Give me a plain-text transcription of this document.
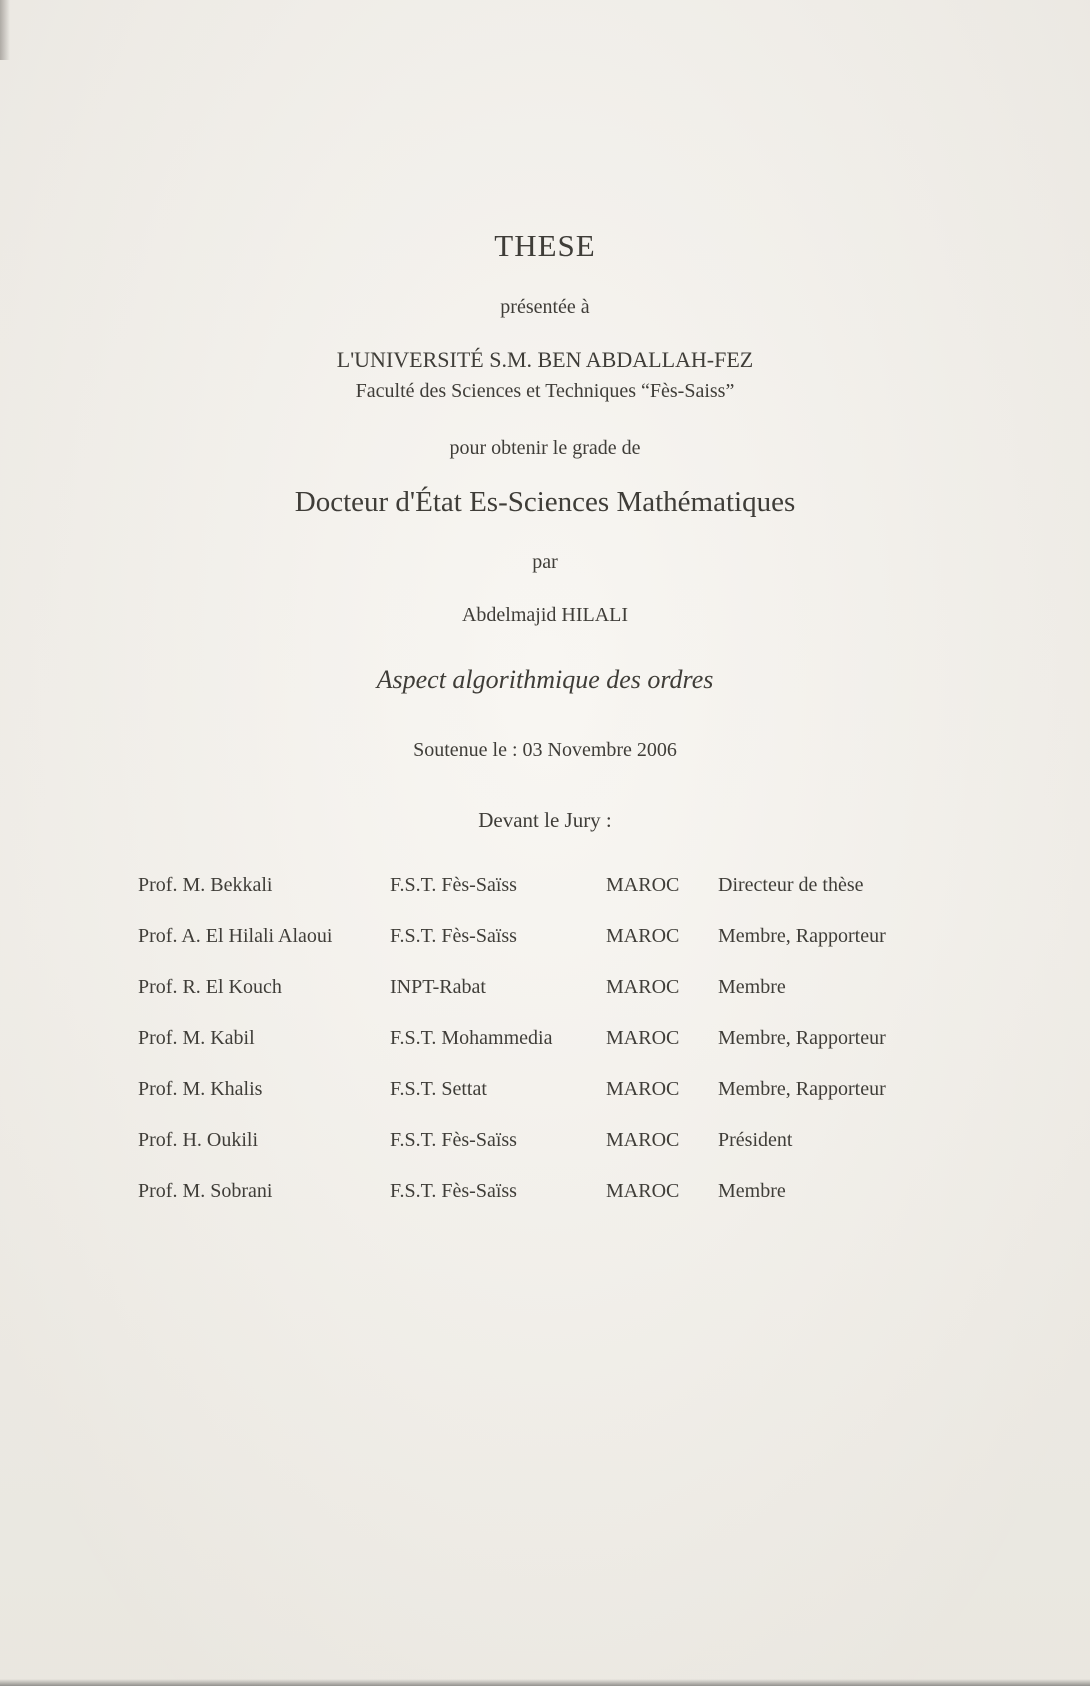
THESE
présentée à
L'UNIVERSITÉ S.M. BEN ABDALLAH-FEZ
Faculté des Sciences et Techniques “Fès-Saiss”
pour obtenir le grade de
Docteur d'État Es-Sciences Mathématiques
par
Abdelmajid HILALI
Aspect algorithmique des ordres
Soutenue le : 03 Novembre 2006
Devant le Jury :
Prof. M. Bekkali	F.S.T. Fès-Saïss	MAROC	Directeur de thèse
Prof. A. El Hilali Alaoui	F.S.T. Fès-Saïss	MAROC	Membre, Rapporteur
Prof. R. El Kouch	INPT-Rabat	MAROC	Membre
Prof. M. Kabil	F.S.T. Mohammedia	MAROC	Membre, Rapporteur
Prof. M. Khalis	F.S.T. Settat	MAROC	Membre, Rapporteur
Prof. H. Oukili	F.S.T. Fès-Saïss	MAROC	Président
Prof. M. Sobrani	F.S.T. Fès-Saïss	MAROC	Membre
